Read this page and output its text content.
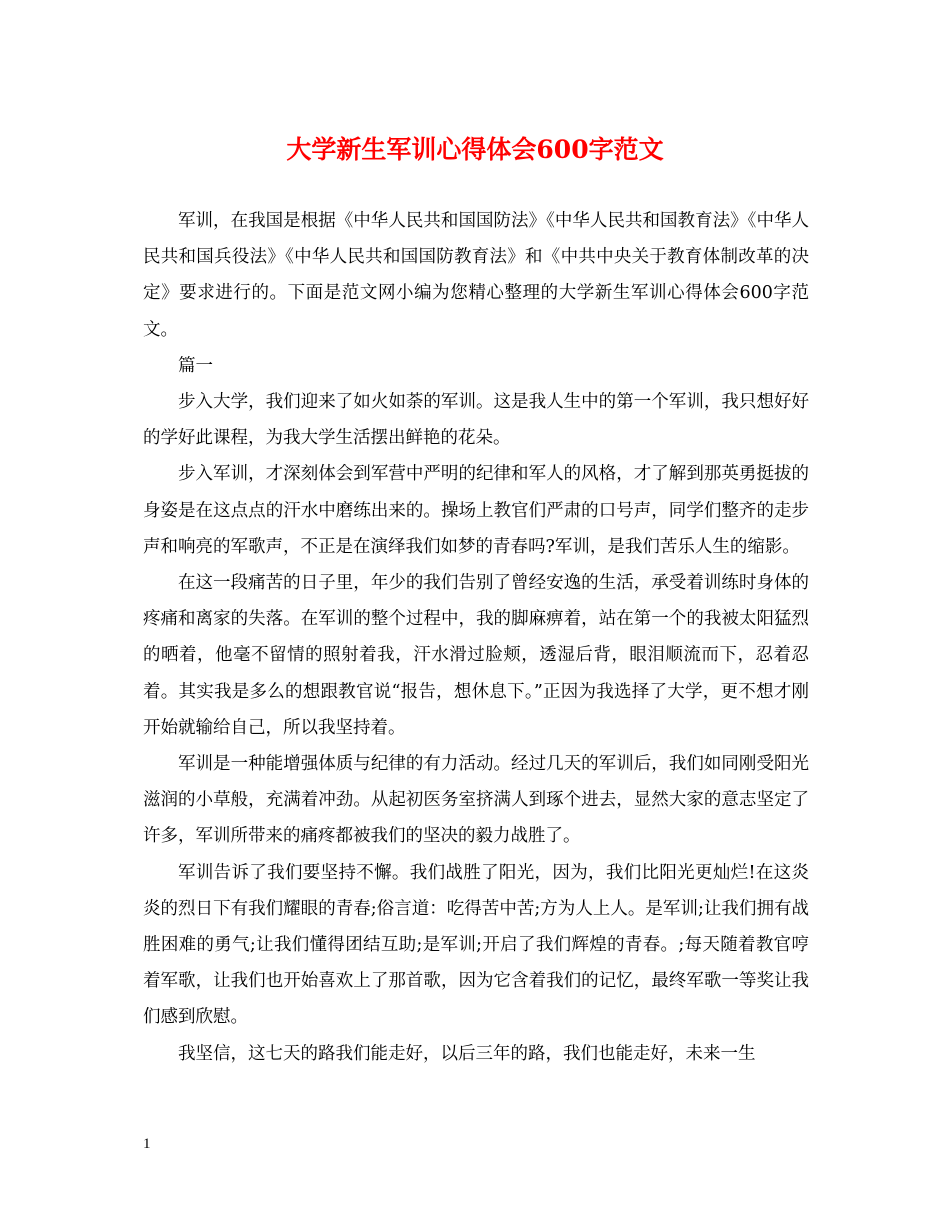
大学新生军训心得体会600字范文

军训，在我国是根据《中华人民共和国国防法》《中华人民共和国教育法》《中华人民共和国兵役法》《中华人民共和国国防教育法》和《中共中央关于教育体制改革的决定》要求进行的。下面是范文网小编为您精心整理的大学新生军训心得体会600字范文。

篇一

步入大学，我们迎来了如火如荼的军训。这是我人生中的第一个军训，我只想好好的学好此课程，为我大学生活摆出鲜艳的花朵。

步入军训，才深刻体会到军营中严明的纪律和军人的风格，才了解到那英勇挺拔的身姿是在这点点的汗水中磨练出来的。操场上教官们严肃的口号声，同学们整齐的走步声和响亮的军歌声，不正是在演绎我们如梦的青春吗?军训，是我们苦乐人生的缩影。

在这一段痛苦的日子里，年少的我们告别了曾经安逸的生活，承受着训练时身体的疼痛和离家的失落。在军训的整个过程中，我的脚麻痹着，站在第一个的我被太阳猛烈的晒着，他毫不留情的照射着我，汗水滑过脸颊，透湿后背，眼泪顺流而下，忍着忍着。其实我是多么的想跟教官说“报告，想休息下。”正因为我选择了大学，更不想才刚开始就输给自己，所以我坚持着。

军训是一种能增强体质与纪律的有力活动。经过几天的军训后，我们如同刚受阳光滋润的小草般，充满着冲劲。从起初医务室挤满人到琢个进去，显然大家的意志坚定了许多，军训所带来的痛疼都被我们的坚决的毅力战胜了。

军训告诉了我们要坚持不懈。我们战胜了阳光，因为，我们比阳光更灿烂!在这炎炎的烈日下有我们耀眼的青春;俗言道：吃得苦中苦;方为人上人。是军训;让我们拥有战胜困难的勇气;让我们懂得团结互助;是军训;开启了我们辉煌的青春。;每天随着教官哼着军歌，让我们也开始喜欢上了那首歌，因为它含着我们的记忆，最终军歌一等奖让我们感到欣慰。

我坚信，这七天的路我们能走好，以后三年的路，我们也能走好，未来一生

1
